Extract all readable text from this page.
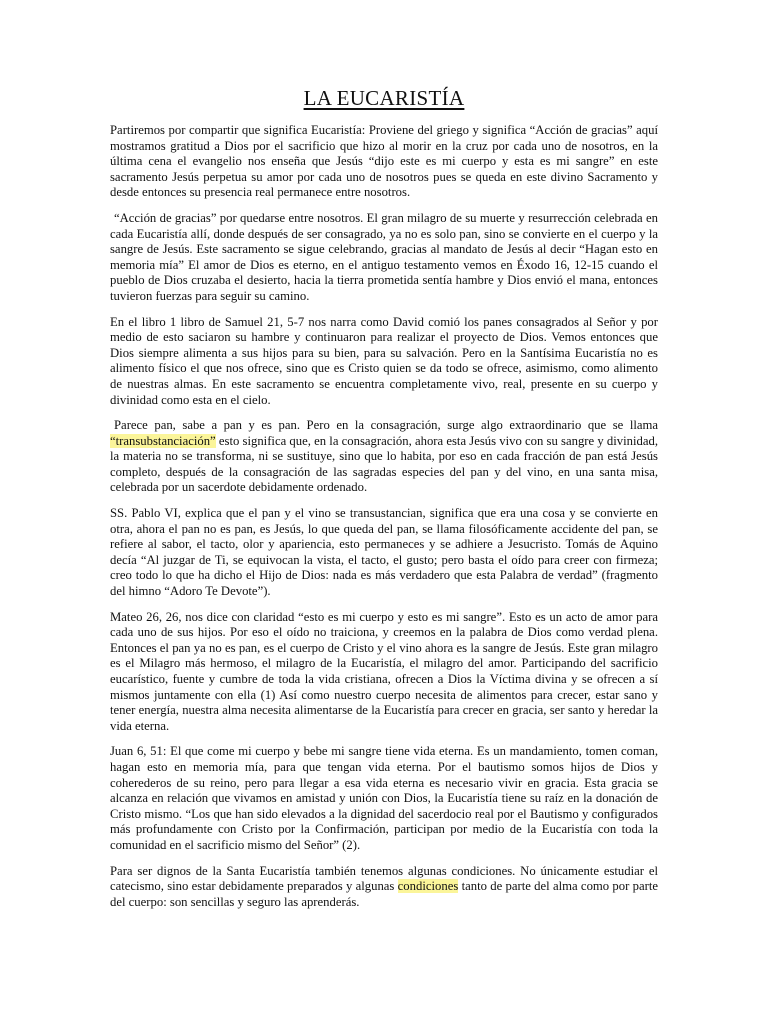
LA EUCARISTÍA

Partiremos por compartir que significa Eucaristía: Proviene del griego y significa “Acción de gracias” aquí mostramos gratitud a Dios por el sacrificio que hizo al morir en la cruz por cada uno de nosotros, en la última cena el evangelio nos enseña que Jesús “dijo este es mi cuerpo y esta es mi sangre” en este sacramento Jesús perpetua su amor por cada uno de nosotros pues se queda en este divino Sacramento y desde entonces su presencia real permanece entre nosotros.

“Acción de gracias” por quedarse entre nosotros. El gran milagro de su muerte y resurrección celebrada en cada Eucaristía allí, donde después de ser consagrado, ya no es solo pan, sino se convierte en el cuerpo y la sangre de Jesús. Este sacramento se sigue celebrando, gracias al mandato de Jesús al decir “Hagan esto en memoria mía” El amor de Dios es eterno, en el antiguo testamento vemos en Éxodo 16, 12-15 cuando el pueblo de Dios cruzaba el desierto, hacia la tierra prometida sentía hambre y Dios envió el mana, entonces tuvieron fuerzas para seguir su camino.

En el libro 1 libro de Samuel 21, 5-7 nos narra como David comió los panes consagrados al Señor y por medio de esto saciaron su hambre y continuaron para realizar el proyecto de Dios. Vemos entonces que Dios siempre alimenta a sus hijos para su bien, para su salvación. Pero en la Santísima Eucaristía no es alimento físico el que nos ofrece, sino que es Cristo quien se da todo se ofrece, asimismo, como alimento de nuestras almas. En este sacramento se encuentra completamente vivo, real, presente en su cuerpo y divinidad como esta en el cielo.

Parece pan, sabe a pan y es pan. Pero en la consagración, surge algo extraordinario que se llama “transubstanciación” esto significa que, en la consagración, ahora esta Jesús vivo con su sangre y divinidad, la materia no se transforma, ni se sustituye, sino que lo habita, por eso en cada fracción de pan está Jesús completo, después de la consagración de las sagradas especies del pan y del vino, en una santa misa, celebrada por un sacerdote debidamente ordenado.

SS. Pablo VI, explica que el pan y el vino se transustancian, significa que era una cosa y se convierte en otra, ahora el pan no es pan, es Jesús, lo que queda del pan, se llama filosóficamente accidente del pan, se refiere al sabor, el tacto, olor y apariencia, esto permaneces y se adhiere a Jesucristo. Tomás de Aquino decía “Al juzgar de Ti, se equivocan la vista, el tacto, el gusto; pero basta el oído para creer con firmeza; creo todo lo que ha dicho el Hijo de Dios: nada es más verdadero que esta Palabra de verdad” (fragmento del himno “Adoro Te Devote”).

Mateo 26, 26, nos dice con claridad “esto es mi cuerpo y esto es mi sangre”. Esto es un acto de amor para cada uno de sus hijos. Por eso el oído no traiciona, y creemos en la palabra de Dios como verdad plena. Entonces el pan ya no es pan, es el cuerpo de Cristo y el vino ahora es la sangre de Jesús. Este gran milagro es el Milagro más hermoso, el milagro de la Eucaristía, el milagro del amor. Participando del sacrificio eucarístico, fuente y cumbre de toda la vida cristiana, ofrecen a Dios la Víctima divina y se ofrecen a sí mismos juntamente con ella (1) Así como nuestro cuerpo necesita de alimentos para crecer, estar sano y tener energía, nuestra alma necesita alimentarse de la Eucaristía para crecer en gracia, ser santo y heredar la vida eterna.

Juan 6, 51: El que come mi cuerpo y bebe mi sangre tiene vida eterna. Es un mandamiento, tomen coman, hagan esto en memoria mía, para que tengan vida eterna. Por el bautismo somos hijos de Dios y coherederos de su reino, pero para llegar a esa vida eterna es necesario vivir en gracia. Esta gracia se alcanza en relación que vivamos en amistad y unión con Dios, la Eucaristía tiene su raíz en la donación de Cristo mismo. “Los que han sido elevados a la dignidad del sacerdocio real por el Bautismo y configurados más profundamente con Cristo por la Confirmación, participan por medio de la Eucaristía con toda la comunidad en el sacrificio mismo del Señor” (2).

Para ser dignos de la Santa Eucaristía también tenemos algunas condiciones. No únicamente estudiar el catecismo, sino estar debidamente preparados y algunas condiciones tanto de parte del alma como por parte del cuerpo: son sencillas y seguro las aprenderás.
